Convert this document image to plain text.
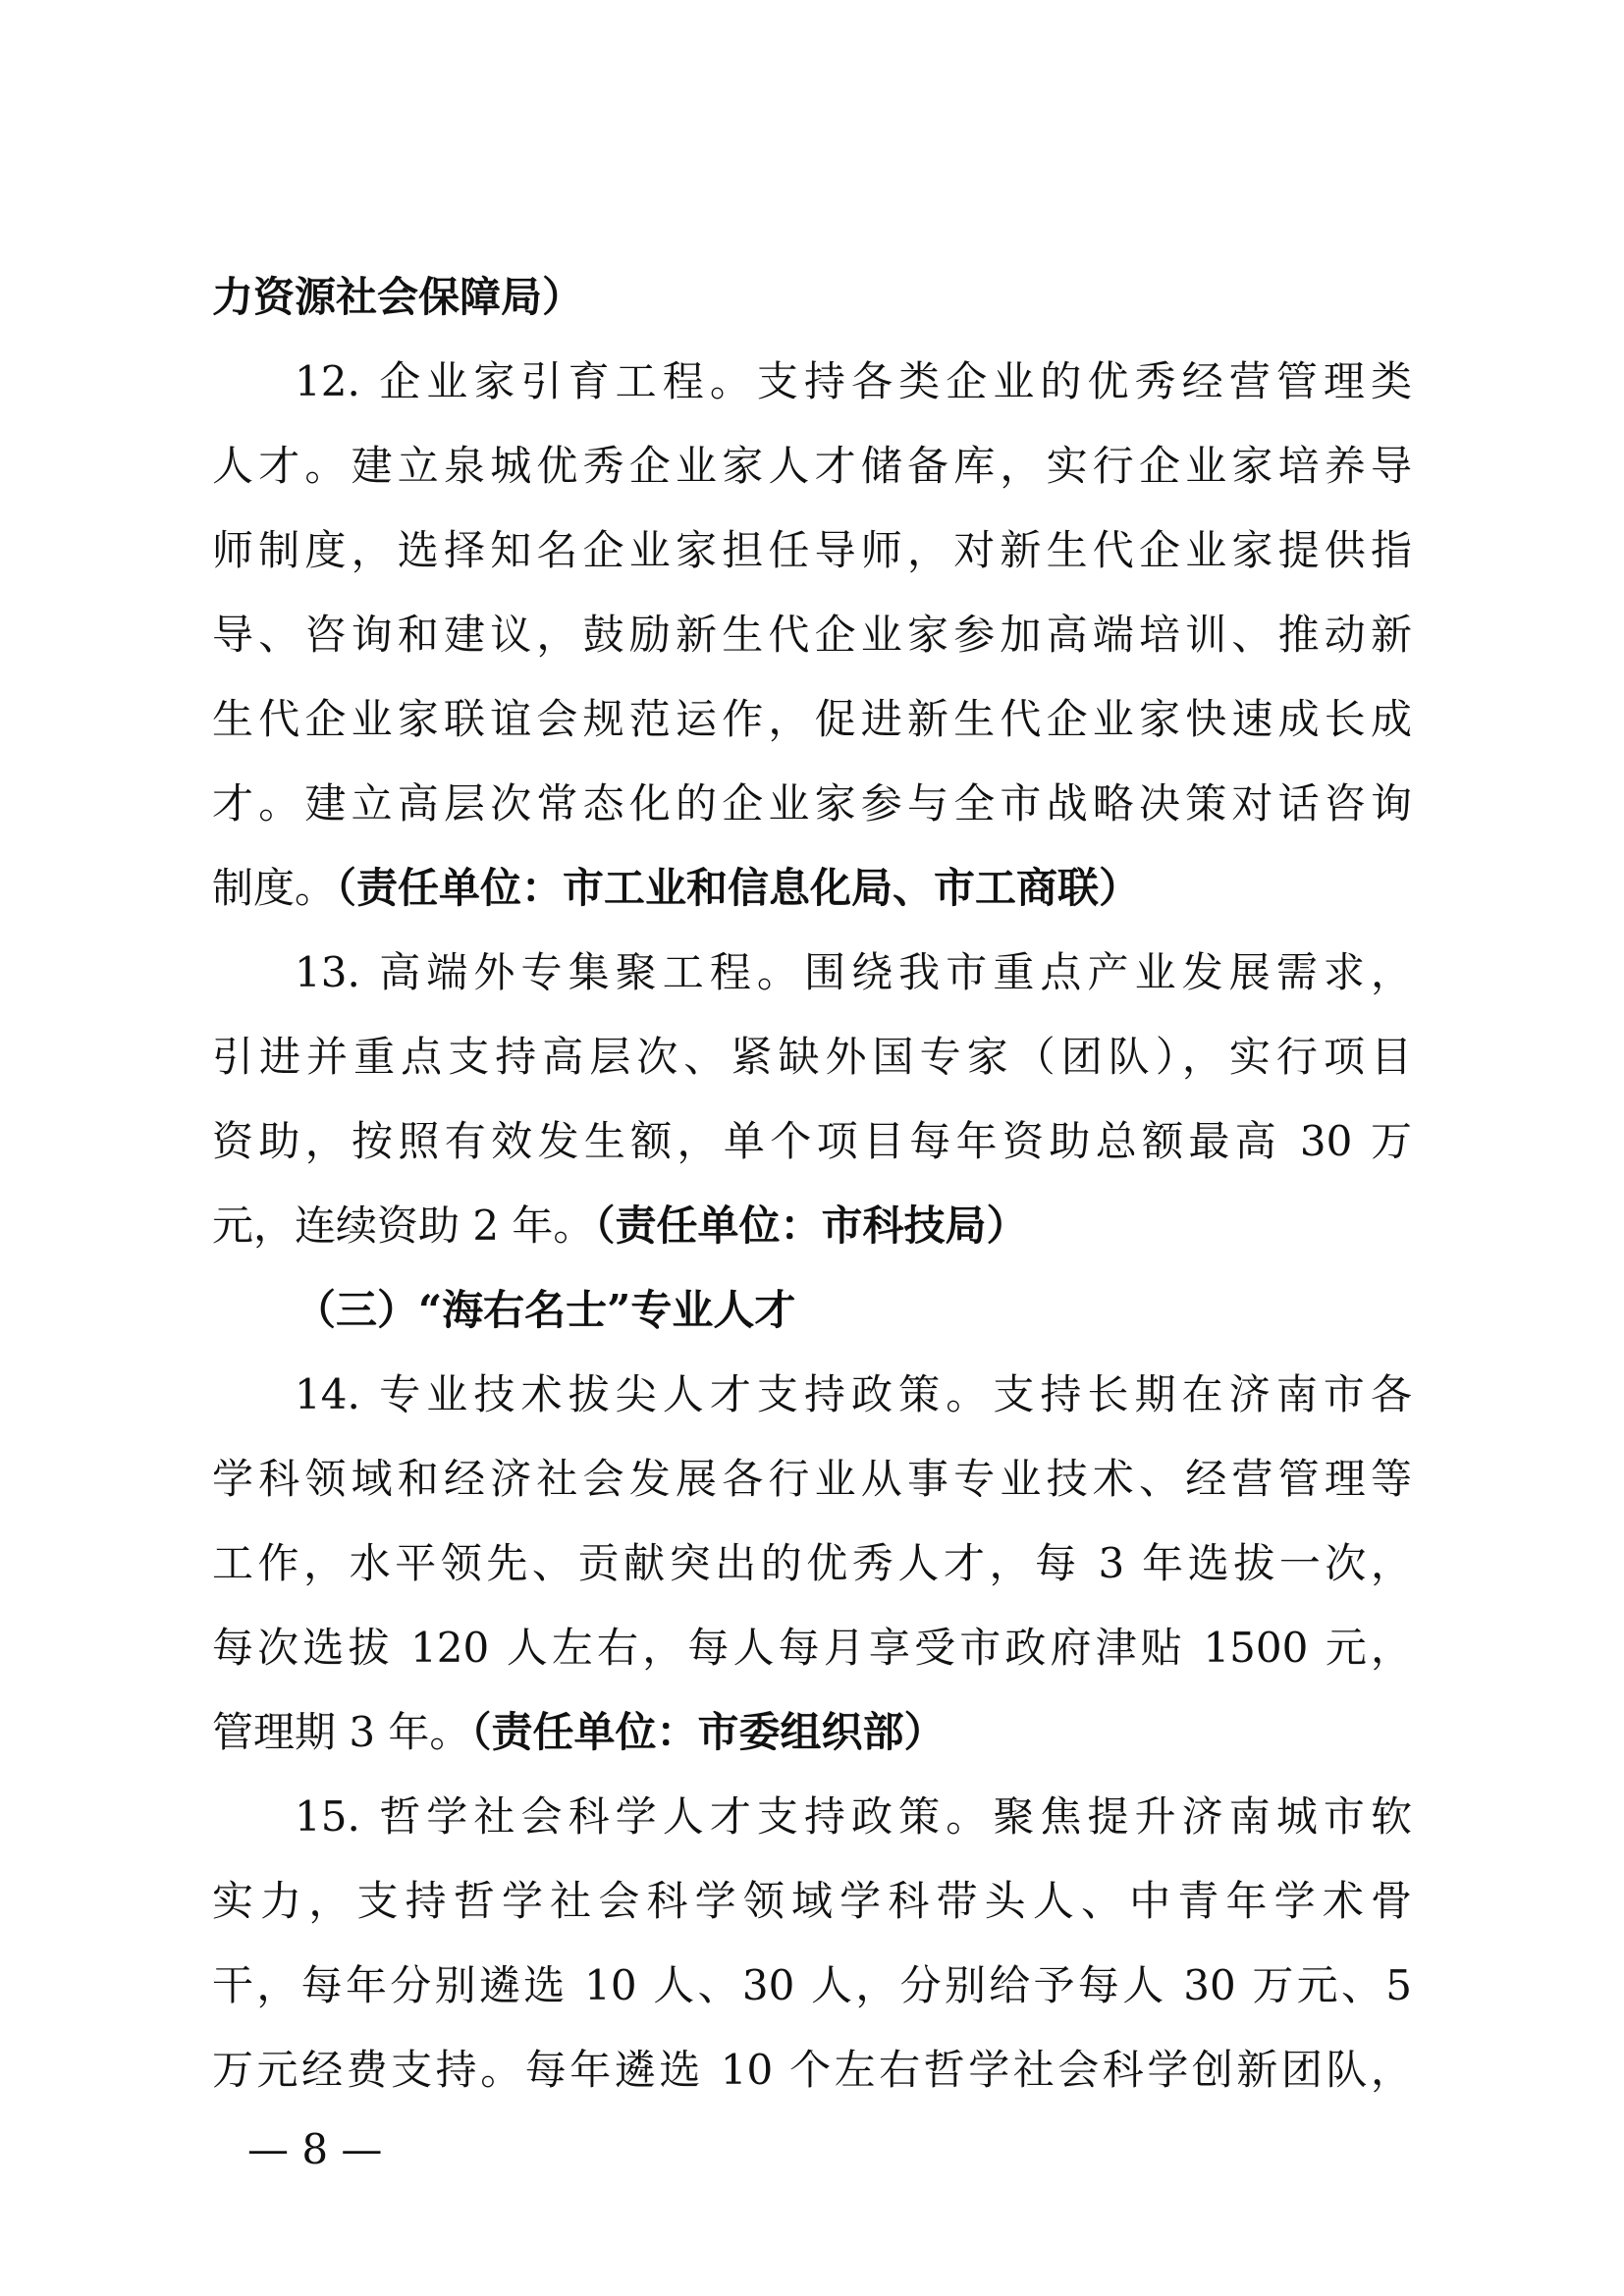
力资源社会保障局）
12. 企业家引育工程。支持各类企业的优秀经营管理类
人才。建立泉城优秀企业家人才储备库，实行企业家培养导
师制度，选择知名企业家担任导师，对新生代企业家提供指
导、咨询和建议，鼓励新生代企业家参加高端培训、推动新
生代企业家联谊会规范运作，促进新生代企业家快速成长成
才。建立高层次常态化的企业家参与全市战略决策对话咨询
制度。（责任单位：市工业和信息化局、市工商联）
13. 高端外专集聚工程。围绕我市重点产业发展需求，
引进并重点支持高层次、紧缺外国专家（团队），实行项目
资助，按照有效发生额，单个项目每年资助总额最高 30 万
元，连续资助 2 年。（责任单位：市科技局）
（三）“海右名士”专业人才
14. 专业技术拔尖人才支持政策。支持长期在济南市各
学科领域和经济社会发展各行业从事专业技术、经营管理等
工作，水平领先、贡献突出的优秀人才，每 3 年选拔一次，
每次选拔 120 人左右，每人每月享受市政府津贴 1500 元，
管理期 3 年。（责任单位：市委组织部）
15. 哲学社会科学人才支持政策。聚焦提升济南城市软
实力，支持哲学社会科学领域学科带头人、中青年学术骨
干，每年分别遴选 10 人、30 人，分别给予每人 30 万元、5
万元经费支持。每年遴选 10 个左右哲学社会科学创新团队，
— 8 —
